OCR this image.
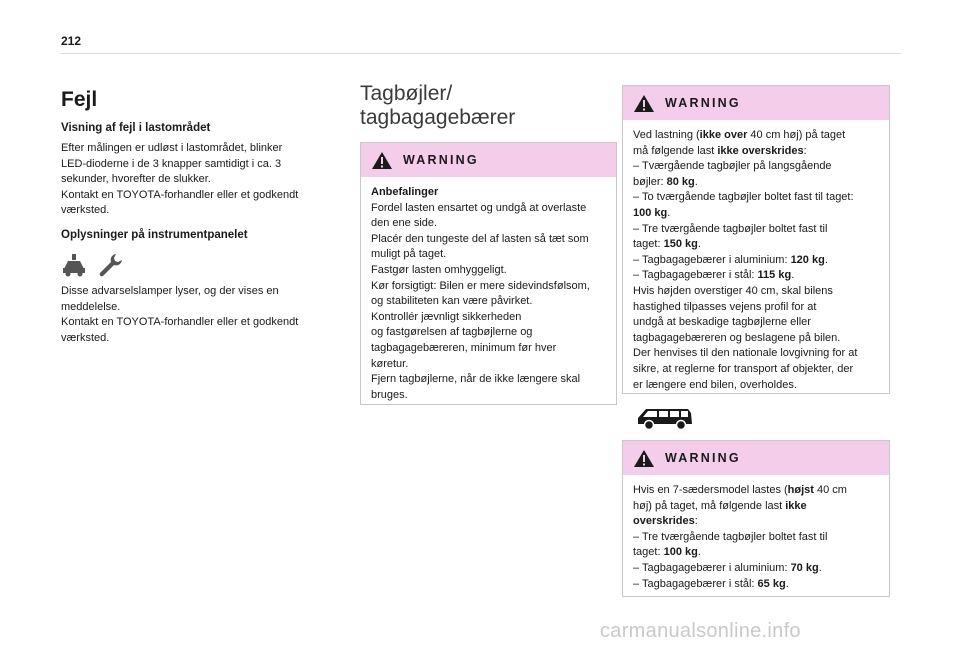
212
Fejl
Visning af fejl i lastområdet

Efter målingen er udløst i lastområdet, blinker
LED-dioderne i de 3 knapper samtidigt i ca. 3
sekunder, hvorefter de slukker.
Kontakt en TOYOTA-forhandler eller et godkendt
værksted.

Oplysninger på instrumentpanelet

Disse advarselslamper lyser, og der vises en
meddelelse.
Kontakt en TOYOTA-forhandler eller et godkendt
værksted.

Tagbøjler/
tagbagagebærer
WARNING
Anbefalinger
Fordel lasten ensartet og undgå at overlaste
den ene side.
Placér den tungeste del af lasten så tæt som
muligt på taget.
Fastgør lasten omhyggeligt.
Kør forsigtigt: Bilen er mere sidevindsfølsom,
og stabiliteten kan være påvirket.
Kontrollér jævnligt sikkerheden
og fastgørelsen af tagbøjlerne og
tagbagagebæreren, minimum før hver
køretur.
Fjern tagbøjlerne, når de ikke længere skal
bruges.
WARNING
Ved lastning (ikke over 40 cm høj) på taget
må følgende last ikke overskrides:
– Tværgående tagbøjler på langsgående
bøjler: 80 kg.
– To tværgående tagbøjler boltet fast til taget:
100 kg.
– Tre tværgående tagbøjler boltet fast til
taget: 150 kg.
– Tagbagagebærer i aluminium: 120 kg.
– Tagbagagebærer i stål: 115 kg.
Hvis højden overstiger 40 cm, skal bilens
hastighed tilpasses vejens profil for at
undgå at beskadige tagbøjlerne eller
tagbagagebæreren og beslagene på bilen.
Der henvises til den nationale lovgivning for at
sikre, at reglerne for transport af objekter, der
er længere end bilen, overholdes.
WARNING
Hvis en 7-sædersmodel lastes (højst 40 cm
høj) på taget, må følgende last ikke
overskrides:
– Tre tværgående tagbøjler boltet fast til
taget: 100 kg.
– Tagbagagebærer i aluminium: 70 kg.
– Tagbagagebærer i stål: 65 kg.
carmanualsonline.info
